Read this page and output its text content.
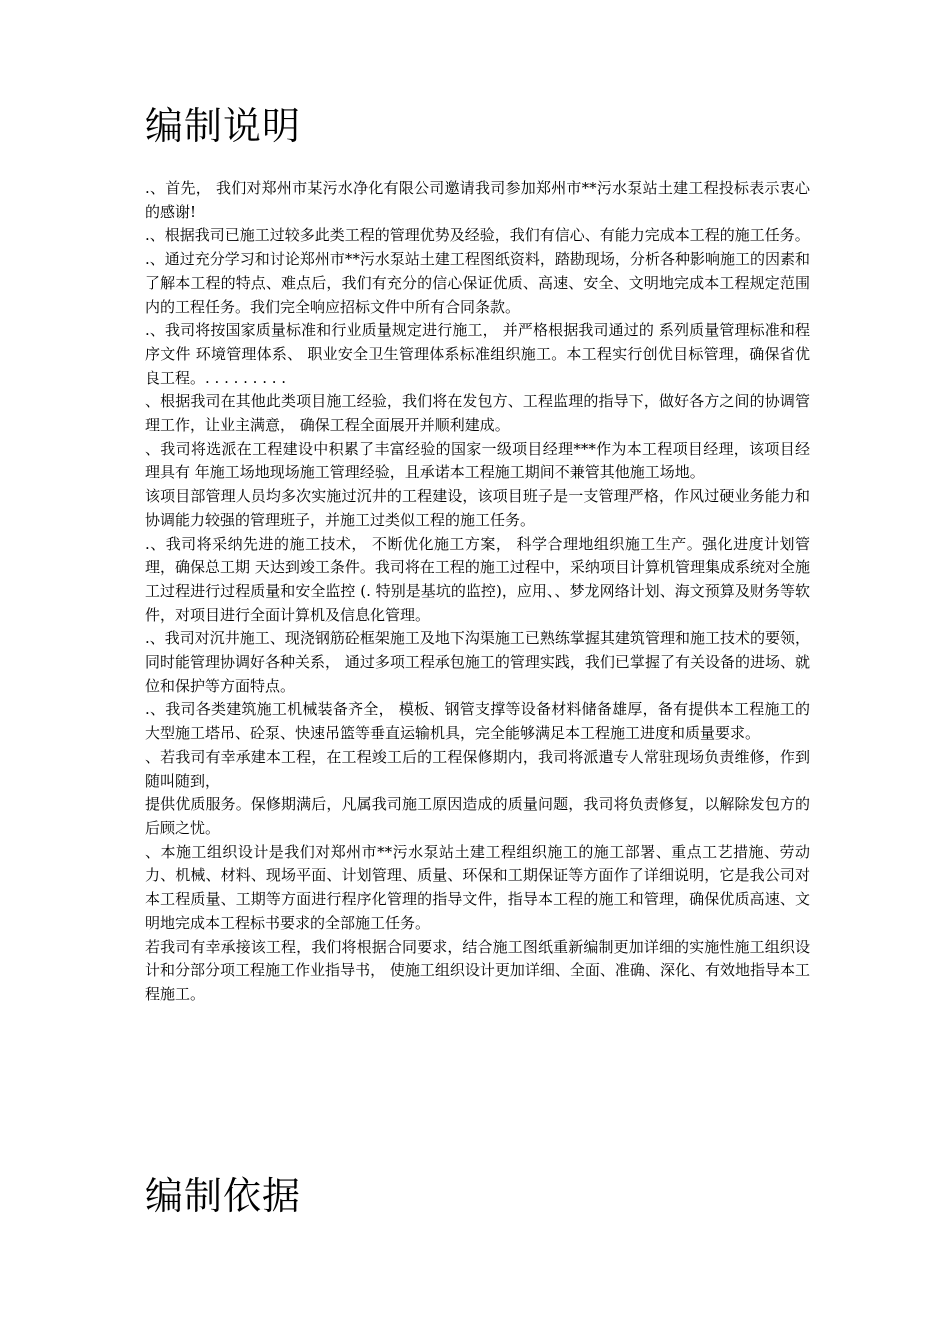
编制说明

.、首先， 我们对郑州市某污水净化有限公司邀请我司参加郑州市**污水泵站土建工程投标表示衷心的感谢!

.、根据我司已施工过较多此类工程的管理优势及经验，我们有信心、有能力完成本工程的施工任务。

.、通过充分学习和讨论郑州市**污水泵站土建工程图纸资料，踏勘现场，分析各种影响施工的因素和了解本工程的特点、难点后，我们有充分的信心保证优质、高速、安全、文明地完成本工程规定范围内的工程任务。我们完全响应招标文件中所有合同条款。

.、我司将按国家质量标准和行业质量规定进行施工， 并严格根据我司通过的 系列质量管理标准和程序文件 环境管理体系、 职业安全卫生管理体系标准组织施工。本工程实行创优目标管理，确保省优良工程。. . . . . . . . .

、根据我司在其他此类项目施工经验，我们将在发包方、工程监理的指导下，做好各方之间的协调管理工作，让业主满意， 确保工程全面展开并顺利建成。

、我司将选派在工程建设中积累了丰富经验的国家一级项目经理***作为本工程项目经理，该项目经理具有 年施工场地现场施工管理经验，且承诺本工程施工期间不兼管其他施工场地。

该项目部管理人员均多次实施过沉井的工程建设，该项目班子是一支管理严格，作风过硬业务能力和协调能力较强的管理班子，并施工过类似工程的施工任务。

.、我司将采纳先进的施工技术， 不断优化施工方案， 科学合理地组织施工生产。强化进度计划管理，确保总工期 天达到竣工条件。我司将在工程的施工过程中，采纳项目计算机管理集成系统对全施工过程进行过程质量和安全监控 (. 特别是基坑的监控)，应用、、梦龙网络计划、海文预算及财务等软件，对项目进行全面计算机及信息化管理。

.、我司对沉井施工、现浇钢筋砼框架施工及地下沟渠施工已熟练掌握其建筑管理和施工技术的要领，同时能管理协调好各种关系， 通过多项工程承包施工的管理实践，我们已掌握了有关设备的进场、就位和保护等方面特点。

.、我司各类建筑施工机械装备齐全， 模板、钢管支撑等设备材料储备雄厚，备有提供本工程施工的大型施工塔吊、砼泵、快速吊篮等垂直运输机具，完全能够满足本工程施工进度和质量要求。

、若我司有幸承建本工程，在工程竣工后的工程保修期内，我司将派遣专人常驻现场负责维修，作到随叫随到，

提供优质服务。保修期满后，凡属我司施工原因造成的质量问题，我司将负责修复，以解除发包方的后顾之忧。

、本施工组织设计是我们对郑州市**污水泵站土建工程组织施工的施工部署、重点工艺措施、劳动力、机械、材料、现场平面、计划管理、质量、环保和工期保证等方面作了详细说明，它是我公司对本工程质量、工期等方面进行程序化管理的指导文件，指导本工程的施工和管理，确保优质高速、文明地完成本工程标书要求的全部施工任务。

若我司有幸承接该工程，我们将根据合同要求，结合施工图纸重新编制更加详细的实施性施工组织设计和分部分项工程施工作业指导书， 使施工组织设计更加详细、全面、准确、深化、有效地指导本工程施工。

编制依据
